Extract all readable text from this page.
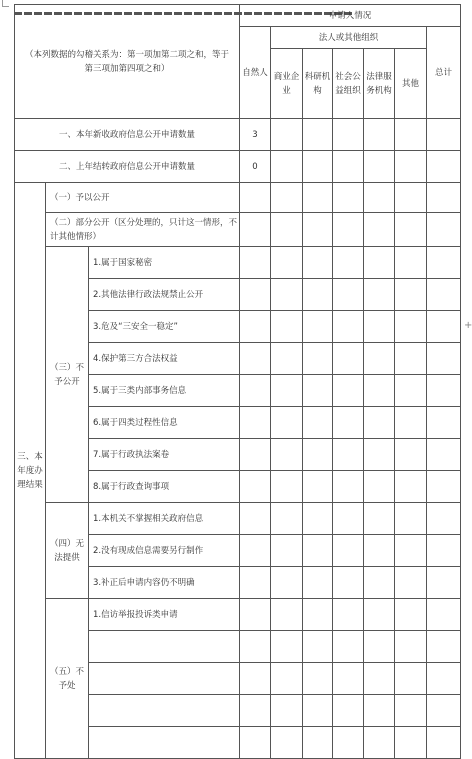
+
（本列数据的勾稽关系为：第一项加第二项之和，等于第三项加第四项之和）			申请人情况						
			自然人	法人或其他组织					总计
				商业企业	科研机构	社会公益组织	法律服务机构	其他	
一、本年新收政府信息公开申请数量			3						
二、上年结转政府信息公开申请数量			0						
三、本年度办理结果	（一）予以公开								
	（二）部分公开（区分处理的，只计这一情形，不计其他情形）								
	（三）不予公开	1.属于国家秘密							
		2.其他法律行政法规禁止公开							
		3.危及“三安全一稳定”							
		4.保护第三方合法权益							
		5.属于三类内部事务信息							
		6.属于四类过程性信息							
		7.属于行政执法案卷							
		8.属于行政查询事项							
	（四）无法提供	1.本机关不掌握相关政府信息							
		2.没有现成信息需要另行制作							
		3.补正后申请内容仍不明确							
	（五）不予处	1.信访举报投诉类申请							
